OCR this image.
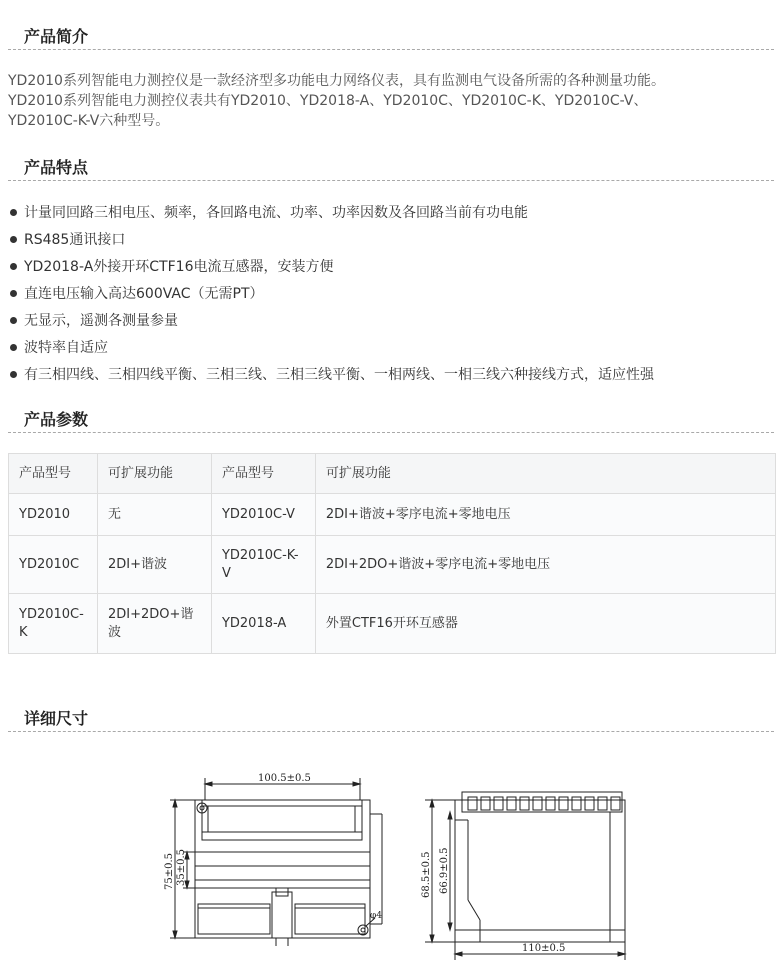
产品简介
YD2010系列智能电力测控仪是一款经济型多功能电力网络仪表，具有监测电气设备所需的各种测量功能。
YD2010系列智能电力测控仪表共有YD2010、YD2018-A、YD2010C、YD2010C-K、YD2010C-V、
YD2010C-K-V六种型号。
产品特点
计量同回路三相电压、频率，各回路电流、功率、功率因数及各回路当前有功电能
RS485通讯接口
YD2018-A外接开环CTF16电流互感器，安装方便
直连电压输入高达600VAC（无需PT）
无显示，遥测各测量参量
波特率自适应
有三相四线、三相四线平衡、三相三线、三相三线平衡、一相两线、一相三线六种接线方式，适应性强
产品参数
产品型号	可扩展功能	产品型号	可扩展功能
YD2010	无	YD2010C-V	2DI+谐波+零序电流+零地电压
YD2010C	2DI+谐波	YD2010C-K-V	2DI+2DO+谐波+零序电流+零地电压
YD2010C-K	2DI+2DO+谐波	YD2018-A	外置CTF16开环互感器
详细尺寸
100.5±0.5
75±0.5 35±0.5
φ4
68.5±0.5 66.9±0.5
110±0.5
